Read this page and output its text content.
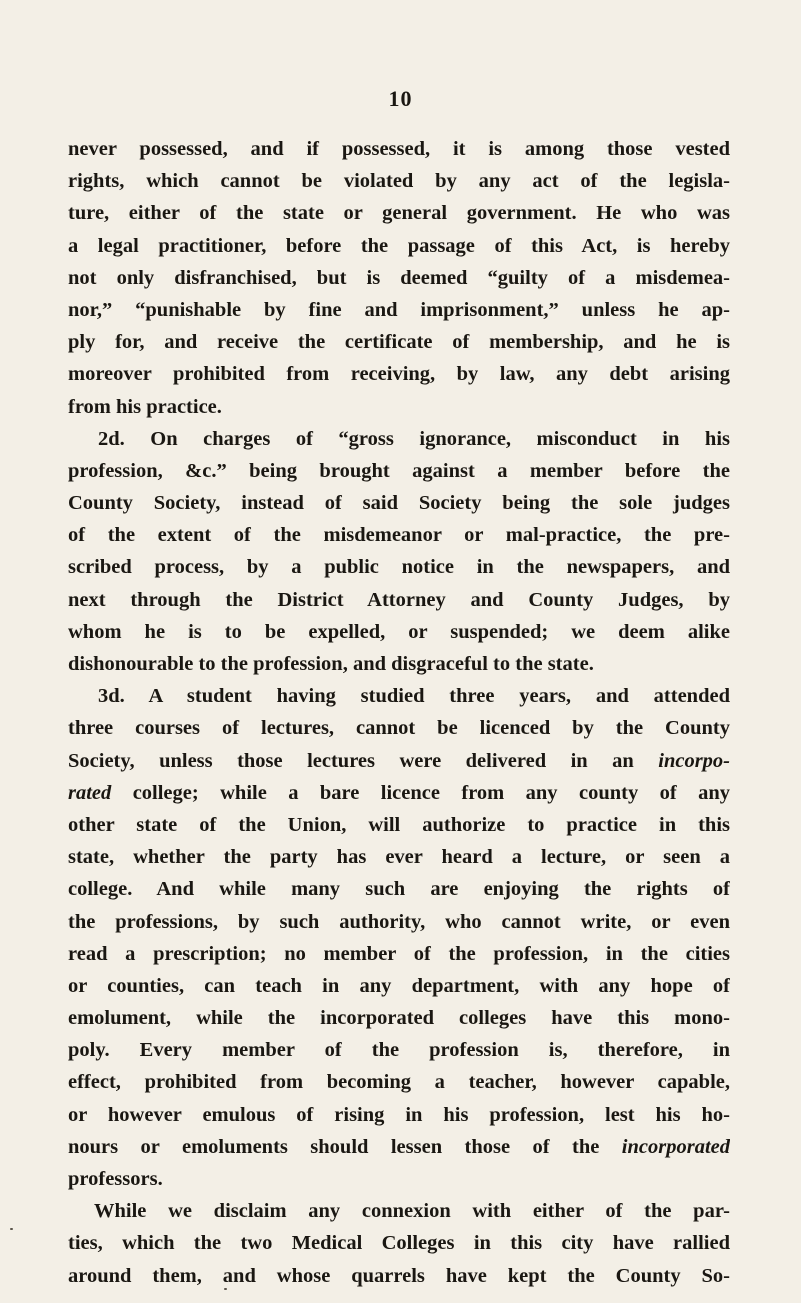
10
never possessed, and if possessed, it is among those vested
rights, which cannot be violated by any act of the legisla-
ture, either of the state or general government. He who was
a legal practitioner, before the passage of this Act, is hereby
not only disfranchised, but is deemed “guilty of a misdemea-
nor,” “punishable by fine and imprisonment,” unless he ap-
ply for, and receive the certificate of membership, and he is
moreover prohibited from receiving, by law, any debt arising
from his practice.
2d. On charges of “gross ignorance, misconduct in his
profession, &c.” being brought against a member before the
County Society, instead of said Society being the sole judges
of the extent of the misdemeanor or mal-practice, the pre-
scribed process, by a public notice in the newspapers, and
next through the District Attorney and County Judges, by
whom he is to be expelled, or suspended; we deem alike
dishonourable to the profession, and disgraceful to the state.
3d. A student having studied three years, and attended
three courses of lectures, cannot be licenced by the County
Society, unless those lectures were delivered in an incorpo-
rated college; while a bare licence from any county of any
other state of the Union, will authorize to practice in this
state, whether the party has ever heard a lecture, or seen a
college. And while many such are enjoying the rights of
the professions, by such authority, who cannot write, or even
read a prescription; no member of the profession, in the cities
or counties, can teach in any department, with any hope of
emolument, while the incorporated colleges have this mono-
poly. Every member of the profession is, therefore, in
effect, prohibited from becoming a teacher, however capable,
or however emulous of rising in his profession, lest his ho-
nours or emoluments should lessen those of the incorporated
professors.
While we disclaim any connexion with either of the par-
ties, which the two Medical Colleges in this city have rallied
around them, and whose quarrels have kept the County So-
